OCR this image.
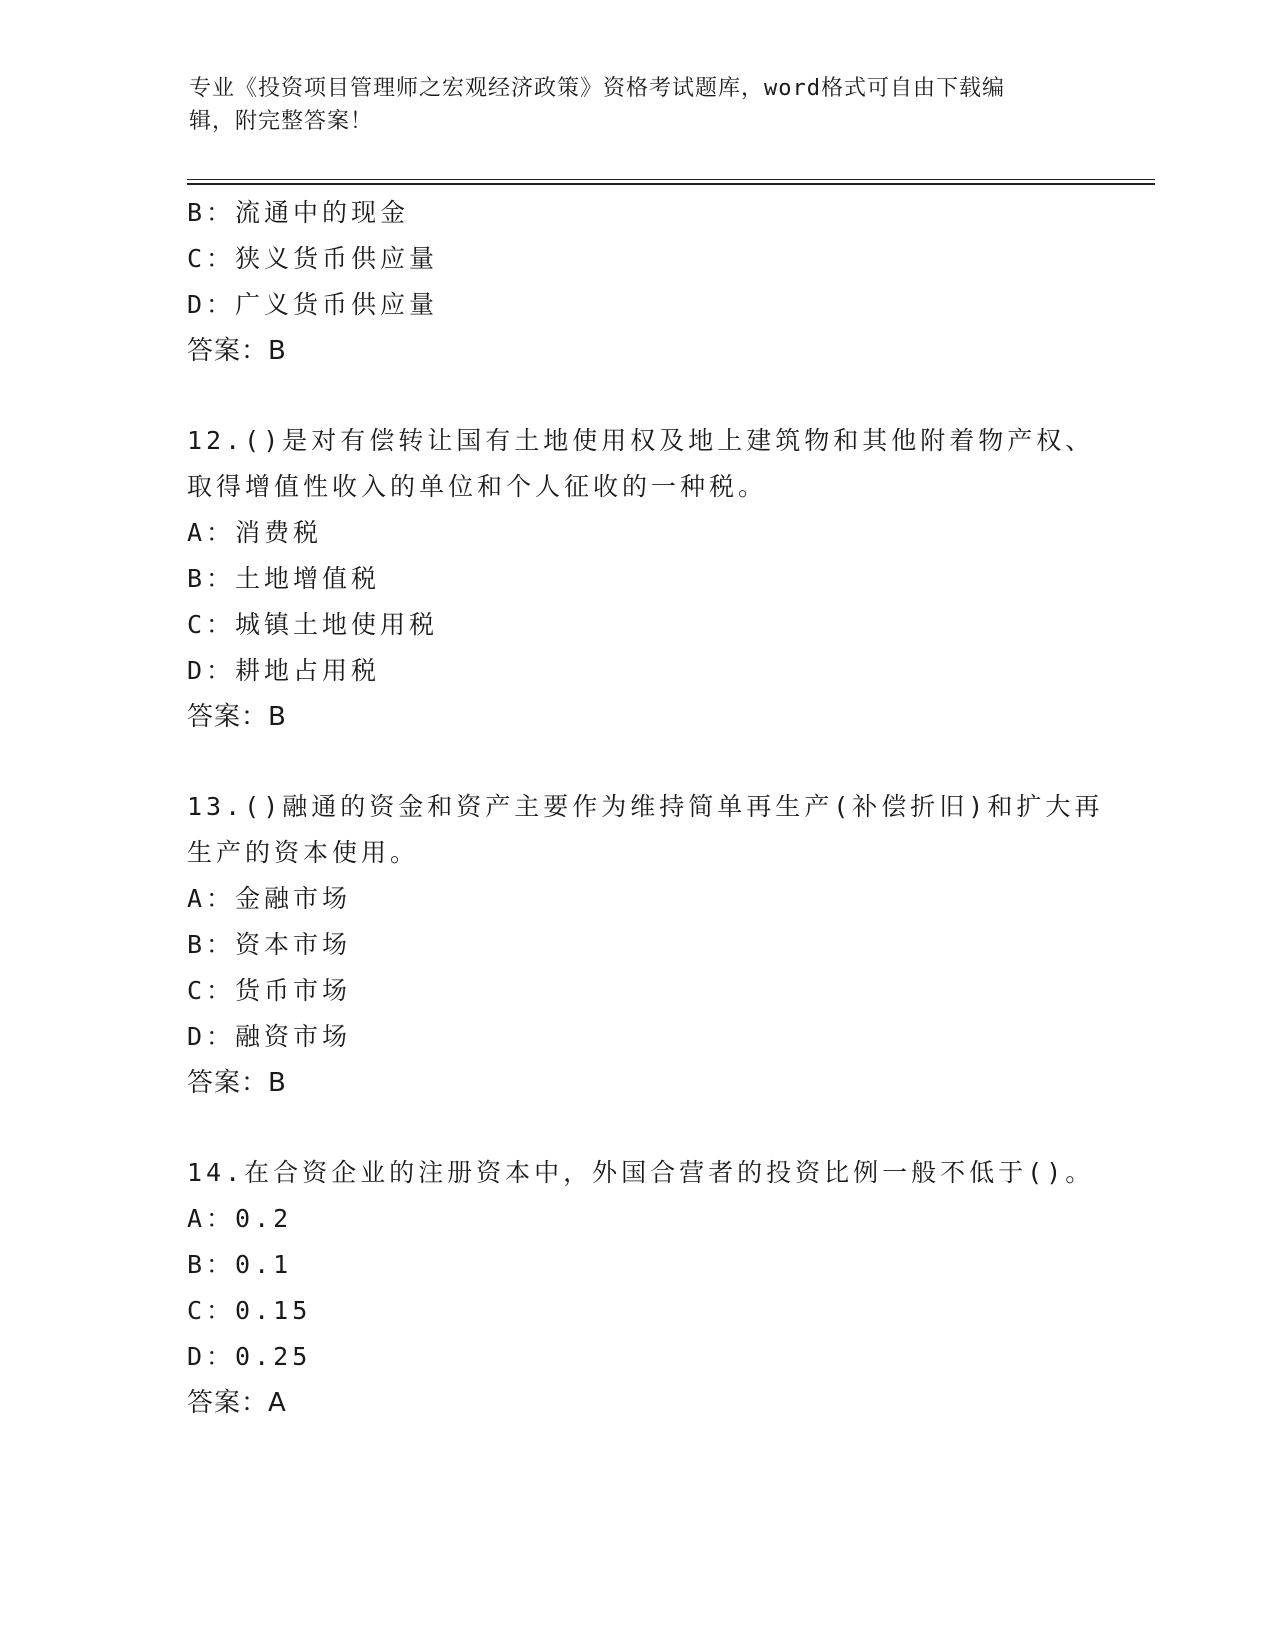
专业《投资项目管理师之宏观经济政策》资格考试题库，word格式可自由下载编
辑，附完整答案！
B：流通中的现金
C：狭义货币供应量
D：广义货币供应量
答案：B
12.()是对有偿转让国有土地使用权及地上建筑物和其他附着物产权、
取得增值性收入的单位和个人征收的一种税。
A：消费税
B：土地增值税
C：城镇土地使用税
D：耕地占用税
答案：B
13.()融通的资金和资产主要作为维持简单再生产(补偿折旧)和扩大再
生产的资本使用。
A：金融市场
B：资本市场
C：货币市场
D：融资市场
答案：B
14.在合资企业的注册资本中，外国合营者的投资比例一般不低于()。
A：0.2
B：0.1
C：0.15
D：0.25
答案：A
